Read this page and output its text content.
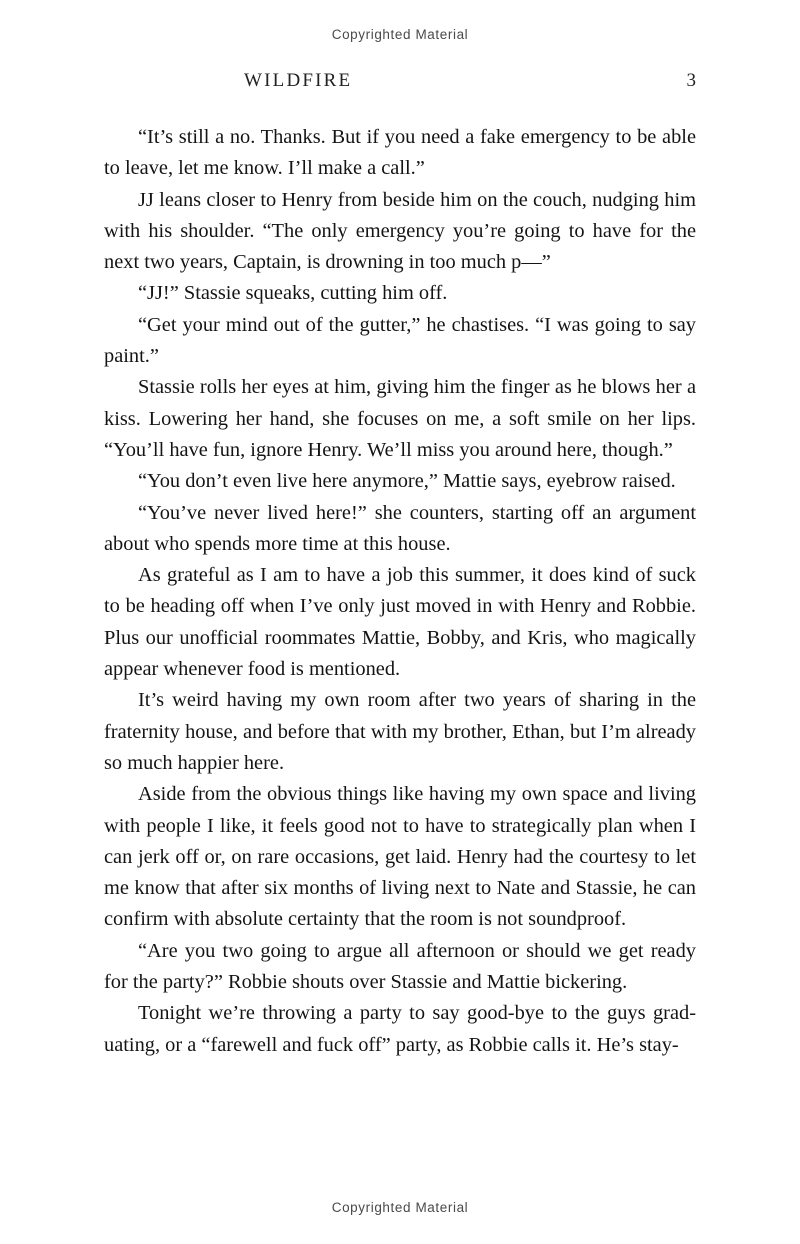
Copyrighted Material
WILDFIRE	3

“It’s still a no. Thanks. But if you need a fake emergency to be able to leave, let me know. I’ll make a call.”

JJ leans closer to Henry from beside him on the couch, nudging him with his shoulder. “The only emergency you’re going to have for the next two years, Captain, is drowning in too much p—”

“JJ!” Stassie squeaks, cutting him off.

“Get your mind out of the gutter,” he chastises. “I was going to say paint.”

Stassie rolls her eyes at him, giving him the finger as he blows her a kiss. Lowering her hand, she focuses on me, a soft smile on her lips. “You’ll have fun, ignore Henry. We’ll miss you around here, though.”

“You don’t even live here anymore,” Mattie says, eyebrow raised.

“You’ve never lived here!” she counters, starting off an argument about who spends more time at this house.

As grateful as I am to have a job this summer, it does kind of suck to be heading off when I’ve only just moved in with Henry and Robbie. Plus our unofficial roommates Mattie, Bobby, and Kris, who magically appear whenever food is mentioned.

It’s weird having my own room after two years of sharing in the fraternity house, and before that with my brother, Ethan, but I’m already so much happier here.

Aside from the obvious things like having my own space and living with people I like, it feels good not to have to strategically plan when I can jerk off or, on rare occasions, get laid. Henry had the courtesy to let me know that after six months of living next to Nate and Stassie, he can confirm with absolute certainty that the room is not soundproof.

“Are you two going to argue all afternoon or should we get ready for the party?” Robbie shouts over Stassie and Mattie bickering.

Tonight we’re throwing a party to say good-bye to the guys grad-uating, or a “farewell and fuck off” party, as Robbie calls it. He’s stay-

Copyrighted Material
